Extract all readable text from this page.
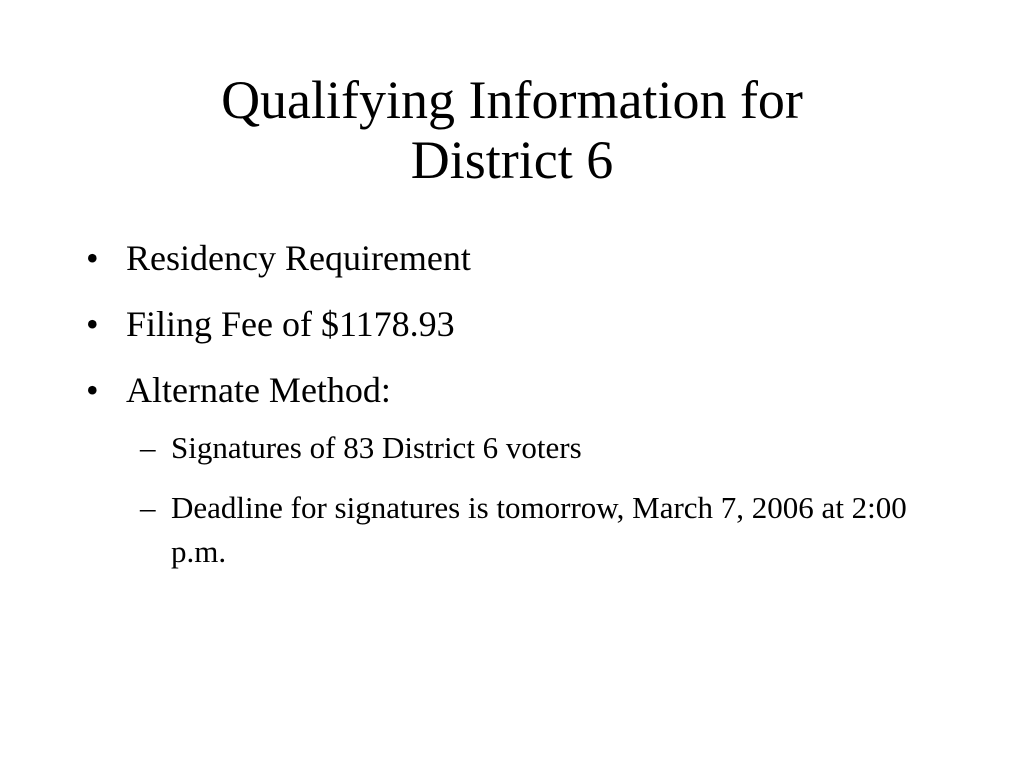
Qualifying Information for
District 6
• Residency Requirement
• Filing Fee of $1178.93
• Alternate Method:
– Signatures of 83 District 6 voters
– Deadline for signatures is tomorrow, March 7, 2006 at 2:00 p.m.
